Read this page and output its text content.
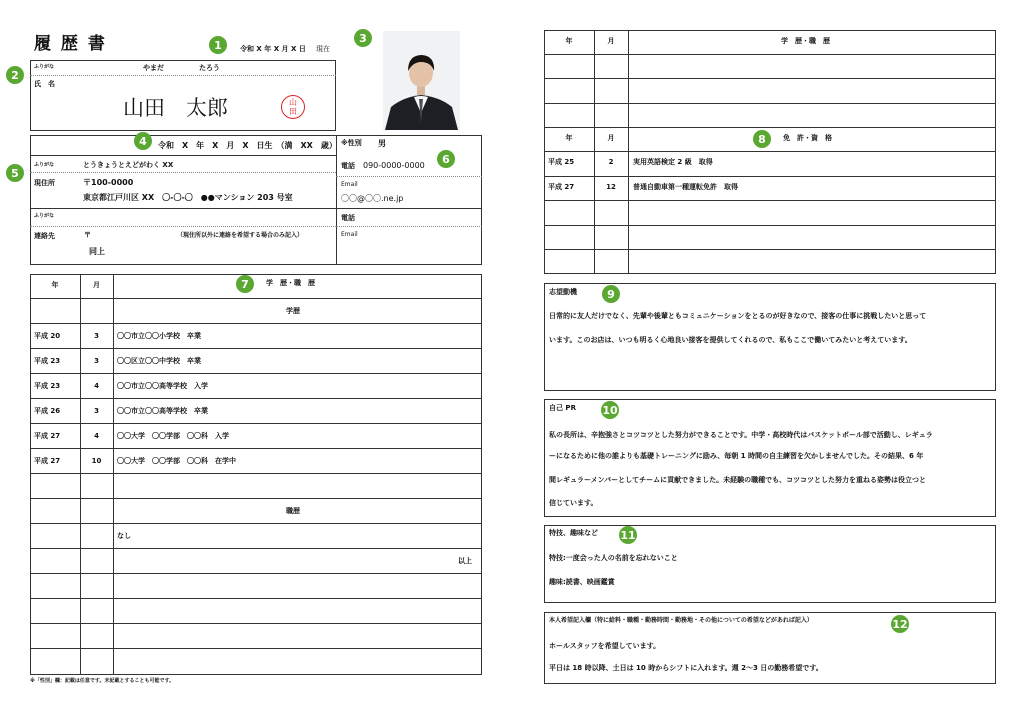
履 歴 書	1	令和 X 年 X 月 X 日 現在
2
ふりがな	やまだ	たろう
氏　名
山田　太郎	山
田
3
4	令和　X　年　X　月　X　日生　（満　XX　歳） ※性別 男
5
ふりがな	とうきょうとえどがわく XX
現住所	〒100-0000
東京都江戸川区 XX　〇-〇-〇　●●マンション 203 号室
6
電話 090-0000-0000
Email
〇〇@〇〇.ne.jp
ふりがな
連絡先	〒	（現住所以外に連絡を希望する場合のみ記入）
同上
電話
Email
年	月	7	学　歴・職　歴
学歴
平成 20	3	〇〇市立〇〇小学校　卒業
平成 23	3	〇〇区立〇〇中学校　卒業
平成 23	4	〇〇市立〇〇高等学校　入学
平成 26	3	〇〇市立〇〇高等学校　卒業
平成 27	4	〇〇大学　〇〇学部　〇〇科　入学
平成 27	10	〇〇大学　〇〇学部　〇〇科　在学中
職歴
なし
以上
※「性別」欄：記載は任意です。未記載とすることも可能です。
年	月	学　歴・職　歴
年	月	8	免　許・資　格
平成 25	2	実用英語検定 2 級　取得
平成 27	12	普通自動車第一種運転免許　取得
志望動機	9
日常的に友人だけでなく、先輩や後輩ともコミュニケーションをとるのが好きなので、接客の仕事に挑戦したいと思って
います。このお店は、いつも明るく心地良い接客を提供してくれるので、私もここで働いてみたいと考えています。
自己 PR 10
私の長所は、辛抱強さとコツコツとした努力ができることです。中学・高校時代はバスケットボール部で活動し、レギュラ
ーになるために他の誰よりも基礎トレーニングに励み、毎朝 1 時間の自主練習を欠かしませんでした。その結果、6 年
間レギュラーメンバーとしてチームに貢献できました。未経験の職種でも、コツコツとした努力を重ねる姿勢は役立つと
信じています。
特技、趣味など 11
特技:一度会った人の名前を忘れないこと
趣味:読書、映画鑑賞
本人希望記入欄（特に給料・職種・勤務時間・勤務地・その他についての希望などがあれば記入）	12
ホールスタッフを希望しています。
平日は 18 時以降、土日は 10 時からシフトに入れます。週 2～3 日の勤務希望です。
